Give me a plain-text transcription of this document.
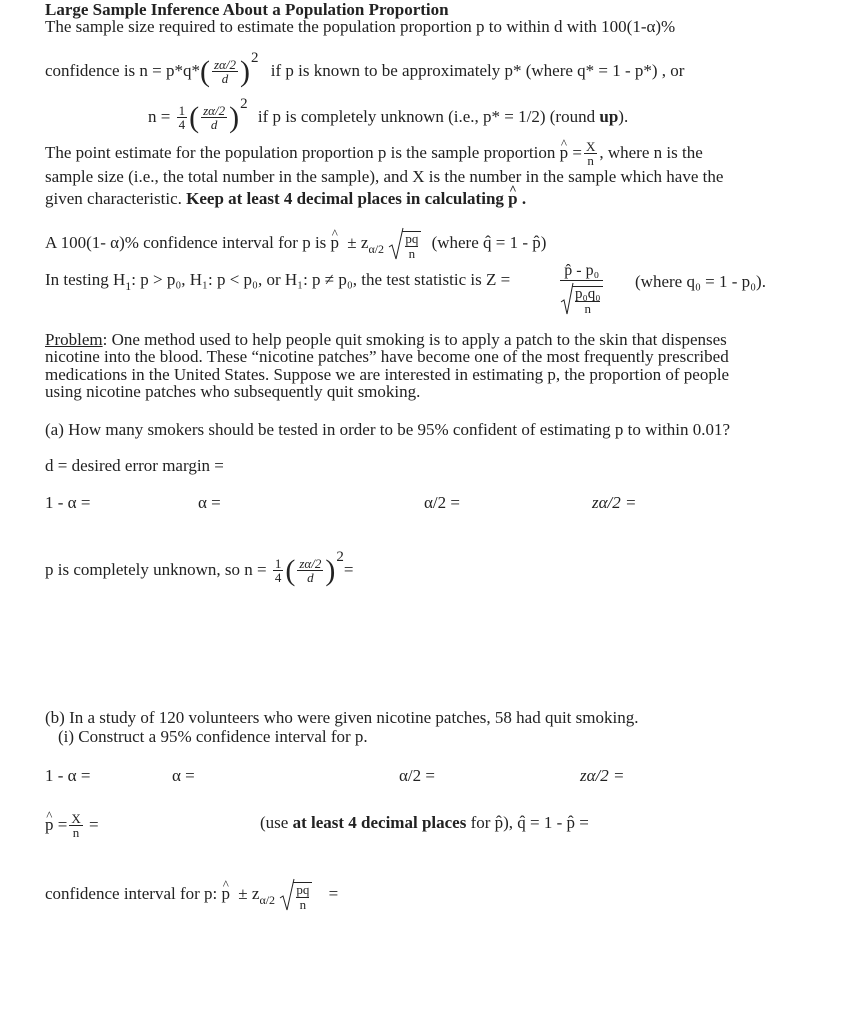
Large Sample Inference About a Population Proportion
The sample size required to estimate the population proportion p to within d with 100(1-α)%
confidence is $n = p*q*( \frac{z\alpha/2}{d} )2$ if p is known to be approximately p* (where q* = 1 - p*) , or
$n = \frac{1}{4}$ ( $\frac{z\alpha/2}{d} )2$ if p is completely unknown (i.e., p* = 1/2) (round up).
The point estimate for the population proportion p is the sample proportion ^ $p = \frac{X}{n}$ , where n is the
sample size (i.e., the total number in the sample), and X is the number in the sample which have the
given characteristic. Keep at least 4 decimal places in calculating ^ p .
A 100(1- α)% confidence interval for p is ^ $p \pm z_{\alpha/2}$
pq
n
(where q̂ = 1 - p̂)
In testing $H_1$: p > p₀, H₁: p < p₀, or H₁: p ≠ p₀, the test statistic is Z =	p̂ - p₀
p₀q₀
n
(where q₀ = 1 - p₀).
Problem: One method used to help people quit smoking is to apply a patch to the skin that dispenses
nicotine into the blood. These “nicotine patches” have become one of the most frequently prescribed
medications in the United States. Suppose we are interested in estimating p, the proportion of people
using nicotine patches who subsequently quit smoking.
(a) How many smokers should be tested in order to be 95% confident of estimating p to within 0.01?
d = desired error margin =
1 - α =	α =	α/2 =	zα/2 =
p is completely unknown, so $n = \frac{1}{4}$ ( $\frac{z\alpha/2}{d} )2=$
(b) In a study of 120 volunteers who were given nicotine patches, 58 had quit smoking.
(i) Construct a 95% confidence interval for p.
1 - α =	α =	α/2 =	zα/2 =
^ $p = \frac{X}{n}$ =	(use at least 4 decimal places for p̂), q̂ = 1 - p̂ =
confidence interval for p: ^ $p \pm z_{\alpha/2}$
pq
n
=
